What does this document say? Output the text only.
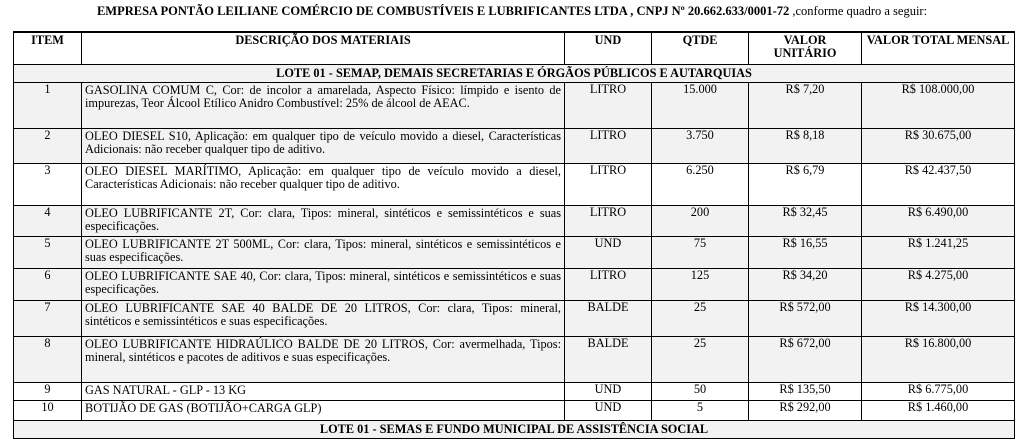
EMPRESA PONTÃO LEILIANE COMÉRCIO DE COMBUSTÍVEIS E LUBRIFICANTES LTDA , CNPJ Nº 20.662.633/0001-72 ,conforme quadro a seguir:
ITEM	DESCRIÇÃO DOS MATERIAIS	UND	QTDE	VALOR UNITÁRIO	VALOR TOTAL MENSAL
LOTE 01 - SEMAP, DEMAIS SECRETARIAS E ÓRGÃOS PÚBLICOS E AUTARQUIAS					
1	GASOLINA COMUM C, Cor: de incolor a amarelada, Aspecto Físico: límpido e isento de impurezas, Teor Álcool Etílico Anidro Combustível: 25% de álcool de AEAC.	LITRO	15.000	R$ 7,20	R$ 108.000,00
2	OLEO DIESEL S10, Aplicação: em qualquer tipo de veículo movido a diesel, Características Adicionais: não receber qualquer tipo de aditivo.	LITRO	3.750	R$ 8,18	R$ 30.675,00
3	OLEO DIESEL MARÍTIMO, Aplicação: em qualquer tipo de veículo movido a diesel, Características Adicionais: não receber qualquer tipo de aditivo.	LITRO	6.250	R$ 6,79	R$ 42.437,50
4	OLEO LUBRIFICANTE 2T, Cor: clara, Tipos: mineral, sintéticos e semissintéticos e suas especificações.	LITRO	200	R$ 32,45	R$ 6.490,00
5	OLEO LUBRIFICANTE 2T 500ML, Cor: clara, Tipos: mineral, sintéticos e semissintéticos e suas especificações.	UND	75	R$ 16,55	R$ 1.241,25
6	OLEO LUBRIFICANTE SAE 40, Cor: clara, Tipos: mineral, sintéticos e semissintéticos e suas especificações.	LITRO	125	R$ 34,20	R$ 4.275,00
7	OLEO LUBRIFICANTE SAE 40 BALDE DE 20 LITROS, Cor: clara, Tipos: mineral, sintéticos e semissintéticos e suas especificações.	BALDE	25	R$ 572,00	R$ 14.300,00
8	OLEO LUBRIFICANTE HIDRAÚLICO BALDE DE 20 LITROS, Cor: avermelhada, Tipos: mineral, sintéticos e pacotes de aditivos e suas especificações.	BALDE	25	R$ 672,00	R$ 16.800,00
9	GAS NATURAL - GLP - 13 KG	UND	50	R$ 135,50	R$ 6.775,00
10	BOTIJÃO DE GAS (BOTIJÃO+CARGA GLP)	UND	5	R$ 292,00	R$ 1.460,00
LOTE 01 - SEMAS E FUNDO MUNICIPAL DE ASSISTÊNCIA SOCIAL					
